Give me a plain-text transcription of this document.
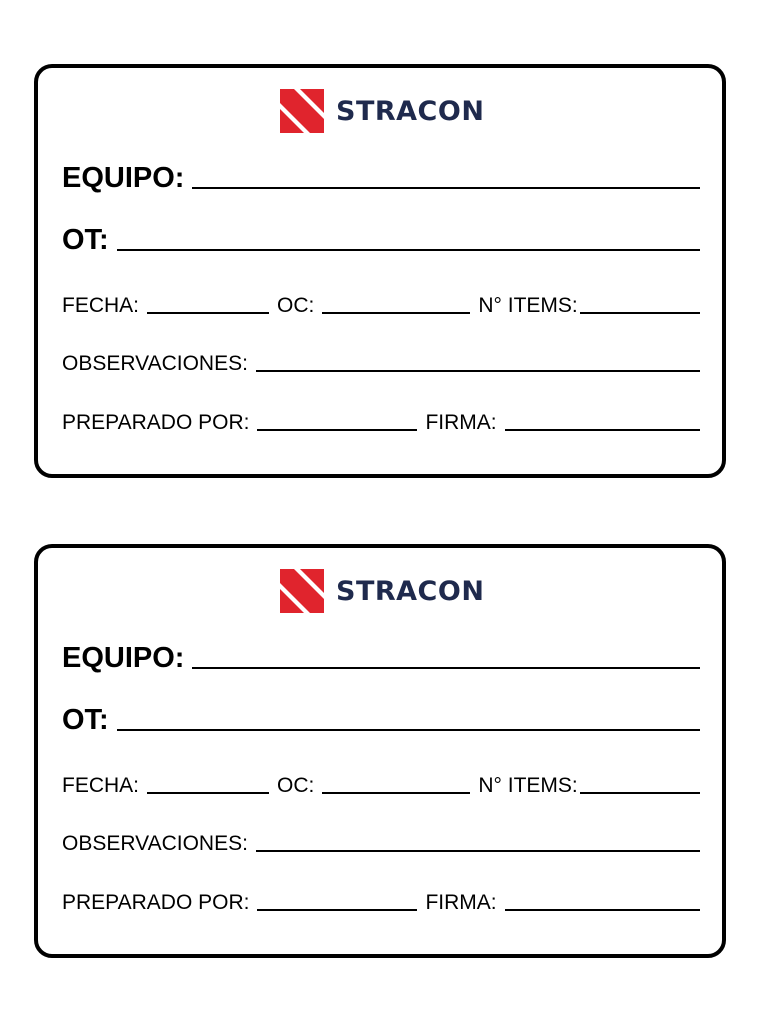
STRACON
EQUIPO:
OT:
FECHA:	OC:	N° ITEMS:
OBSERVACIONES:
PREPARADO POR:	FIRMA:
STRACON
EQUIPO:
OT:
FECHA:	OC:	N° ITEMS:
OBSERVACIONES:
PREPARADO POR:	FIRMA:
